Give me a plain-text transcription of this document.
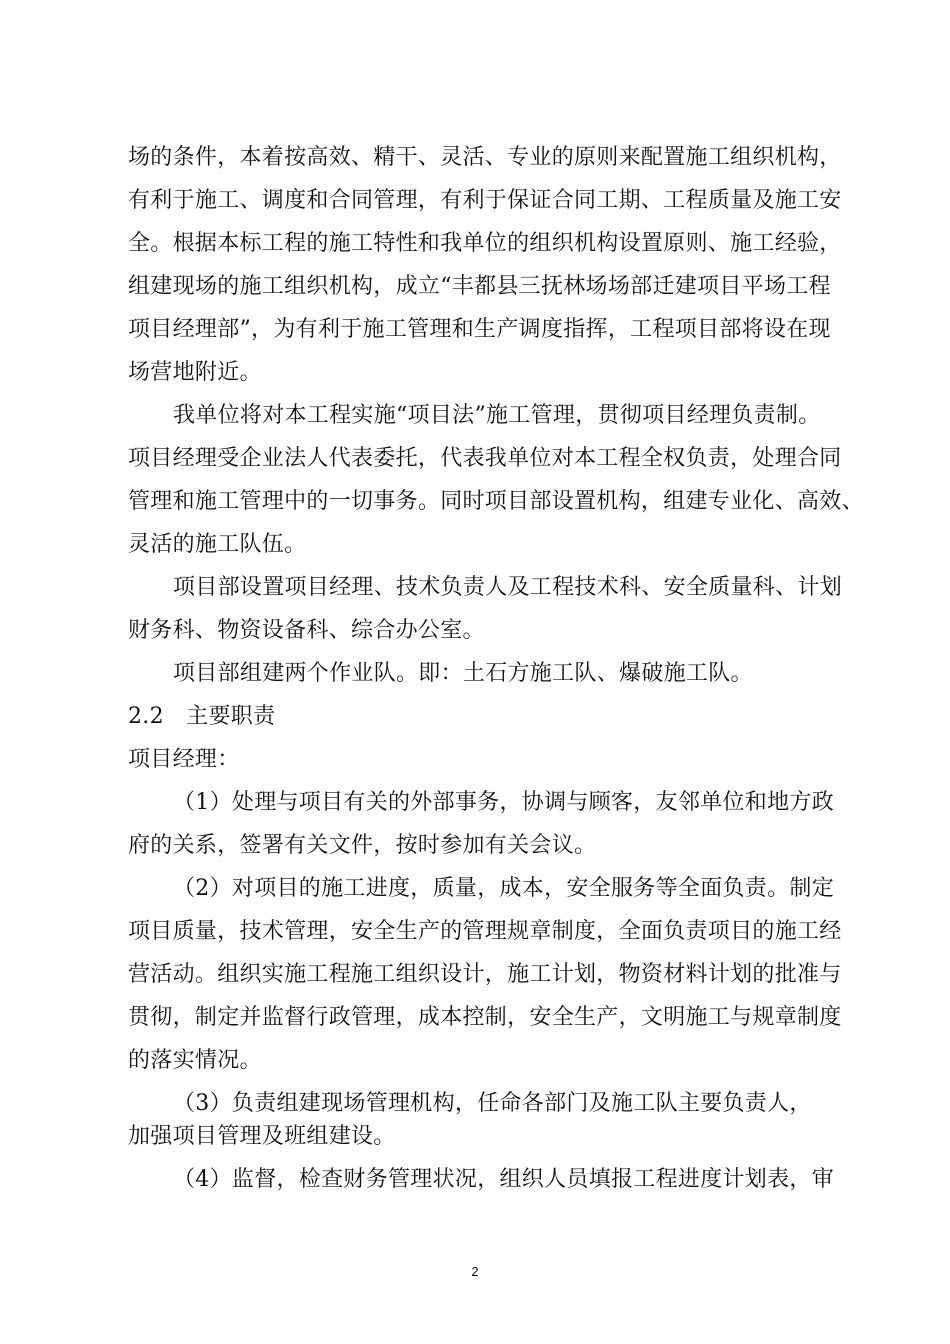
场的条件，本着按高效、精干、灵活、专业的原则来配置施工组织机构，
有利于施工、调度和合同管理，有利于保证合同工期、工程质量及施工安
全。根据本标工程的施工特性和我单位的组织机构设置原则、施工经验，
组建现场的施工组织机构，成立“丰都县三抚林场场部迁建项目平场工程
项目经理部”，为有利于施工管理和生产调度指挥，工程项目部将设在现
场营地附近。
我单位将对本工程实施“项目法”施工管理，贯彻项目经理负责制。
项目经理受企业法人代表委托，代表我单位对本工程全权负责，处理合同
管理和施工管理中的一切事务。同时项目部设置机构，组建专业化、高效、
灵活的施工队伍。
项目部设置项目经理、技术负责人及工程技术科、安全质量科、计划
财务科、物资设备科、综合办公室。
项目部组建两个作业队。即：土石方施工队、爆破施工队。
2.2　主要职责
项目经理：
（1）处理与项目有关的外部事务，协调与顾客，友邻单位和地方政
府的关系，签署有关文件，按时参加有关会议。
（2）对项目的施工进度，质量，成本，安全服务等全面负责。制定
项目质量，技术管理，安全生产的管理规章制度，全面负责项目的施工经
营活动。组织实施工程施工组织设计，施工计划，物资材料计划的批准与
贯彻，制定并监督行政管理，成本控制，安全生产，文明施工与规章制度
的落实情况。
（3）负责组建现场管理机构，任命各部门及施工队主要负责人，
加强项目管理及班组建设。
（4）监督，检查财务管理状况，组织人员填报工程进度计划表，审
2
